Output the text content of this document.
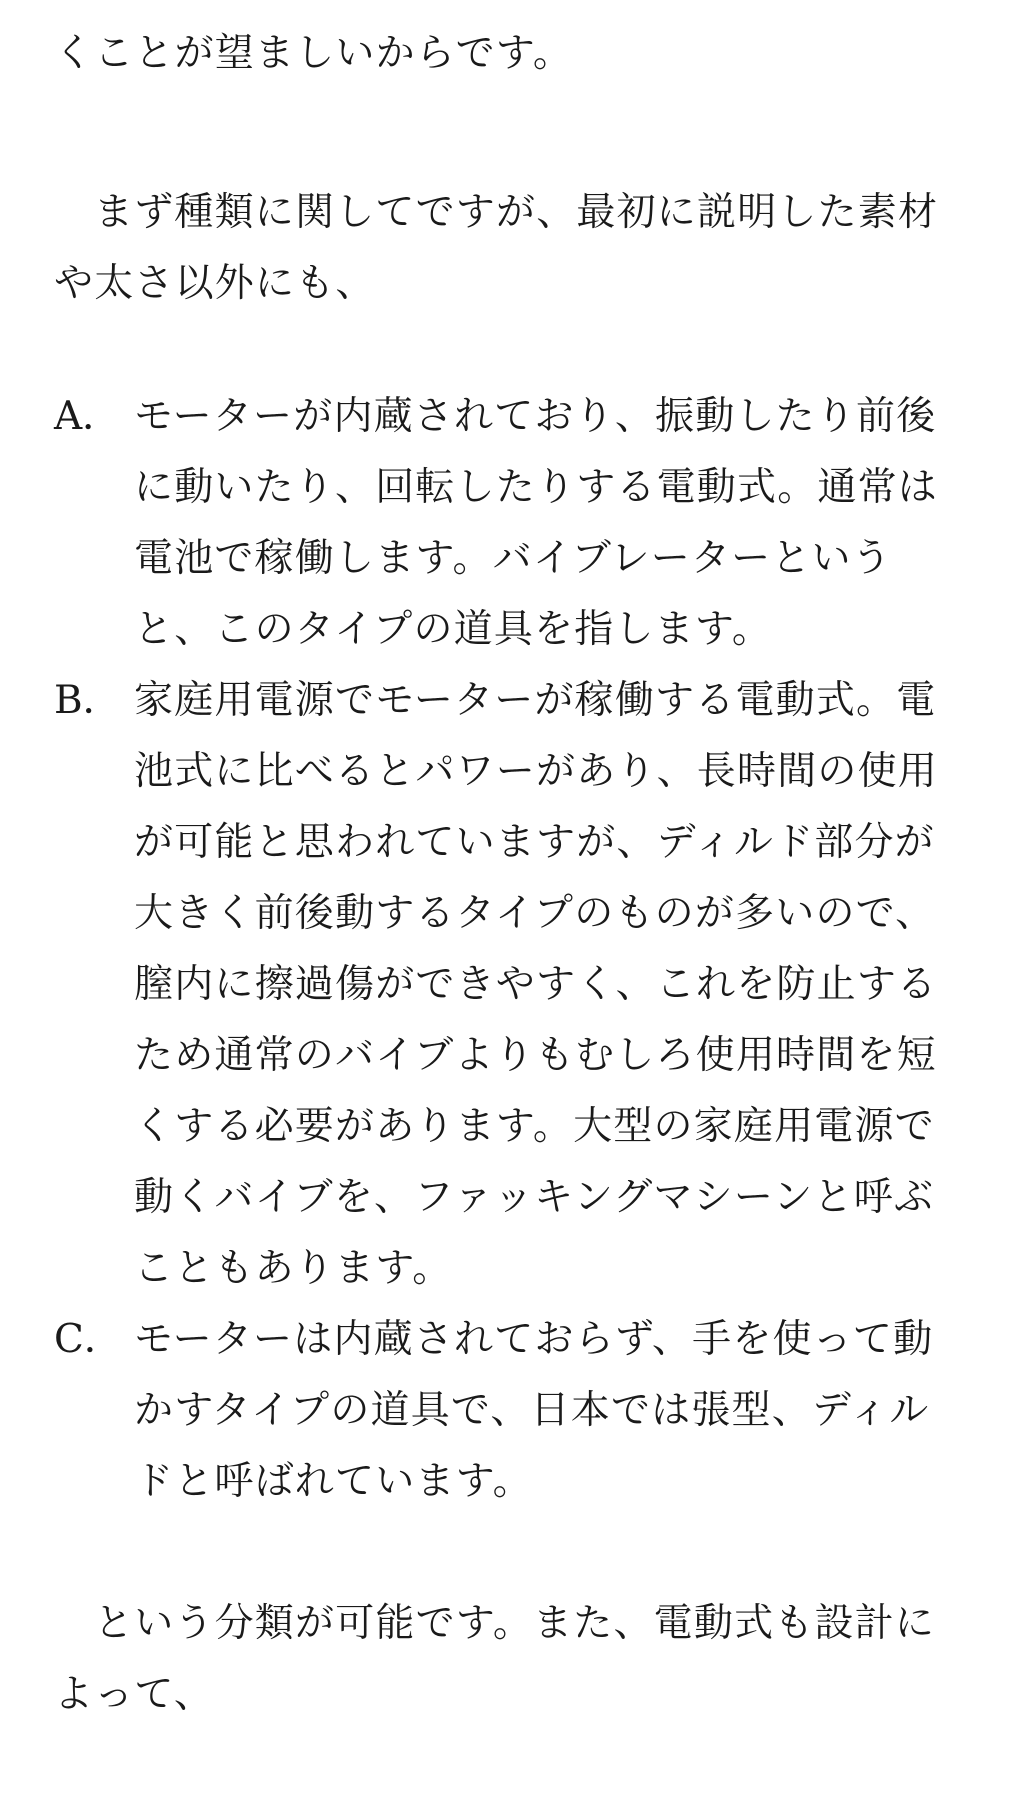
くことが望ましいからです。
まず種類に関してですが、最初に説明した素材
や太さ以外にも、
A． モーターが内蔵されており、振動したり前後
に動いたり、回転したりする電動式。通常は
電池で稼働します。バイブレーターという
と、このタイプの道具を指します。
B． 家庭用電源でモーターが稼働する電動式。電
池式に比べるとパワーがあり、長時間の使用
が可能と思われていますが、ディルド部分が
大きく前後動するタイプのものが多いので、
膣内に擦過傷ができやすく、これを防止する
ため通常のバイブよりもむしろ使用時間を短
くする必要があります。大型の家庭用電源で
動くバイブを、ファッキングマシーンと呼ぶ
こともあります。
C． モーターは内蔵されておらず、手を使って動
かすタイプの道具で、日本では張型、ディル
ドと呼ばれています。
という分類が可能です。また、電動式も設計に
よって、
